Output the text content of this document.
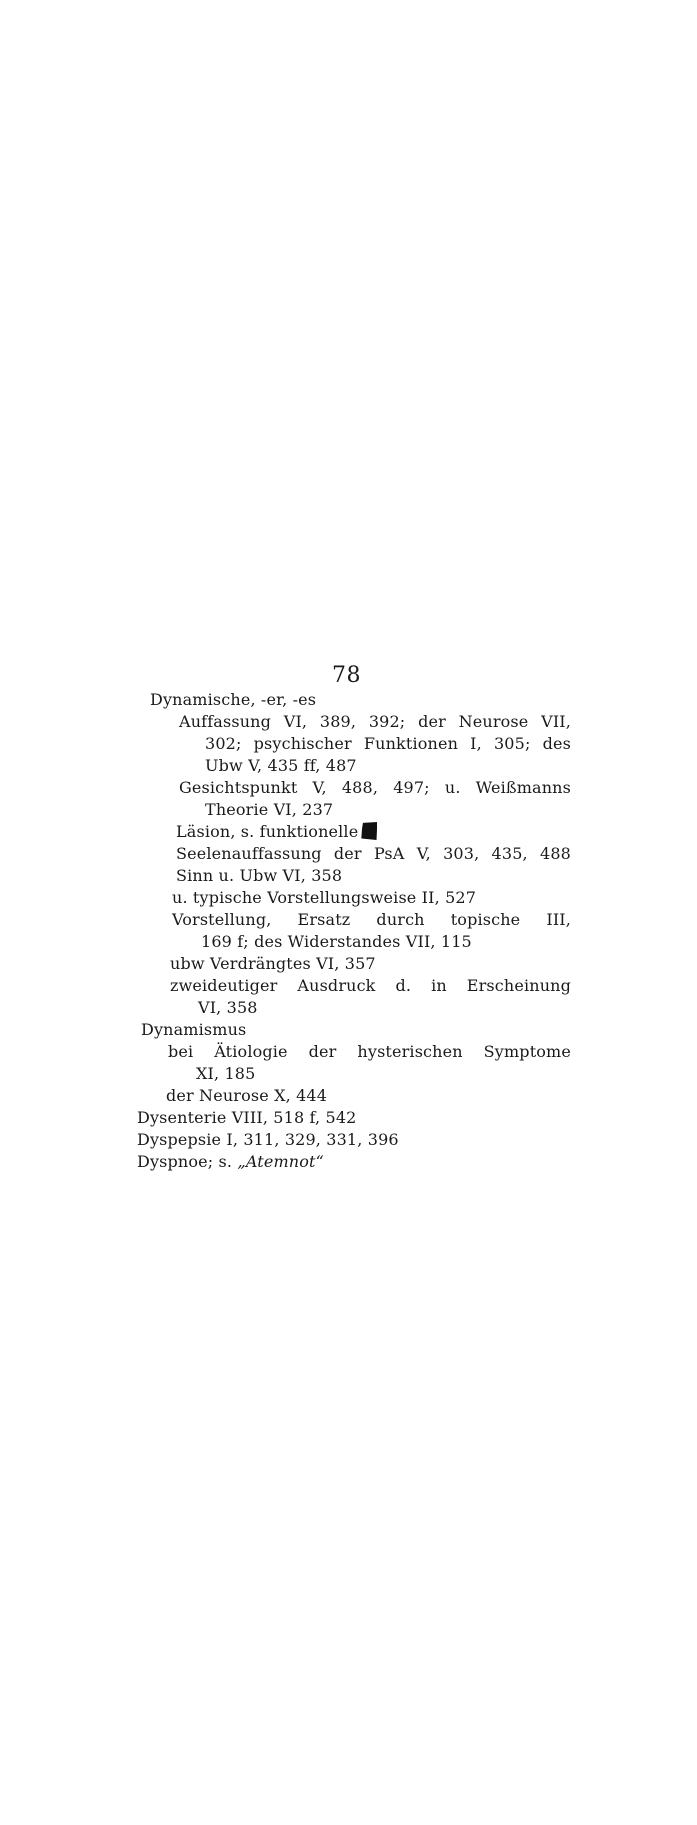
78
Dynamische, -er, -es
Auffassung VI, 389, 392; der Neurose VII,
302; psychischer Funktionen I, 305; des
Ubw V, 435 ff, 487
Gesichtspunkt V, 488, 497; u. Weißmanns
Theorie VI, 237
Läsion, s. funktionelle
Seelenauffassung der PsA V, 303, 435, 488
Sinn u. Ubw VI, 358
u. typische Vorstellungsweise II, 527
Vorstellung, Ersatz durch topische III,
169 f; des Widerstandes VII, 115
ubw Verdrängtes VI, 357
zweideutiger Ausdruck d. in Erscheinung
VI, 358
Dynamismus
bei Ätiologie der hysterischen Symptome
XI, 185
der Neurose X, 444
Dysenterie VIII, 518 f, 542
Dyspepsie I, 311, 329, 331, 396
Dyspnoe; s. „Atemnot“
